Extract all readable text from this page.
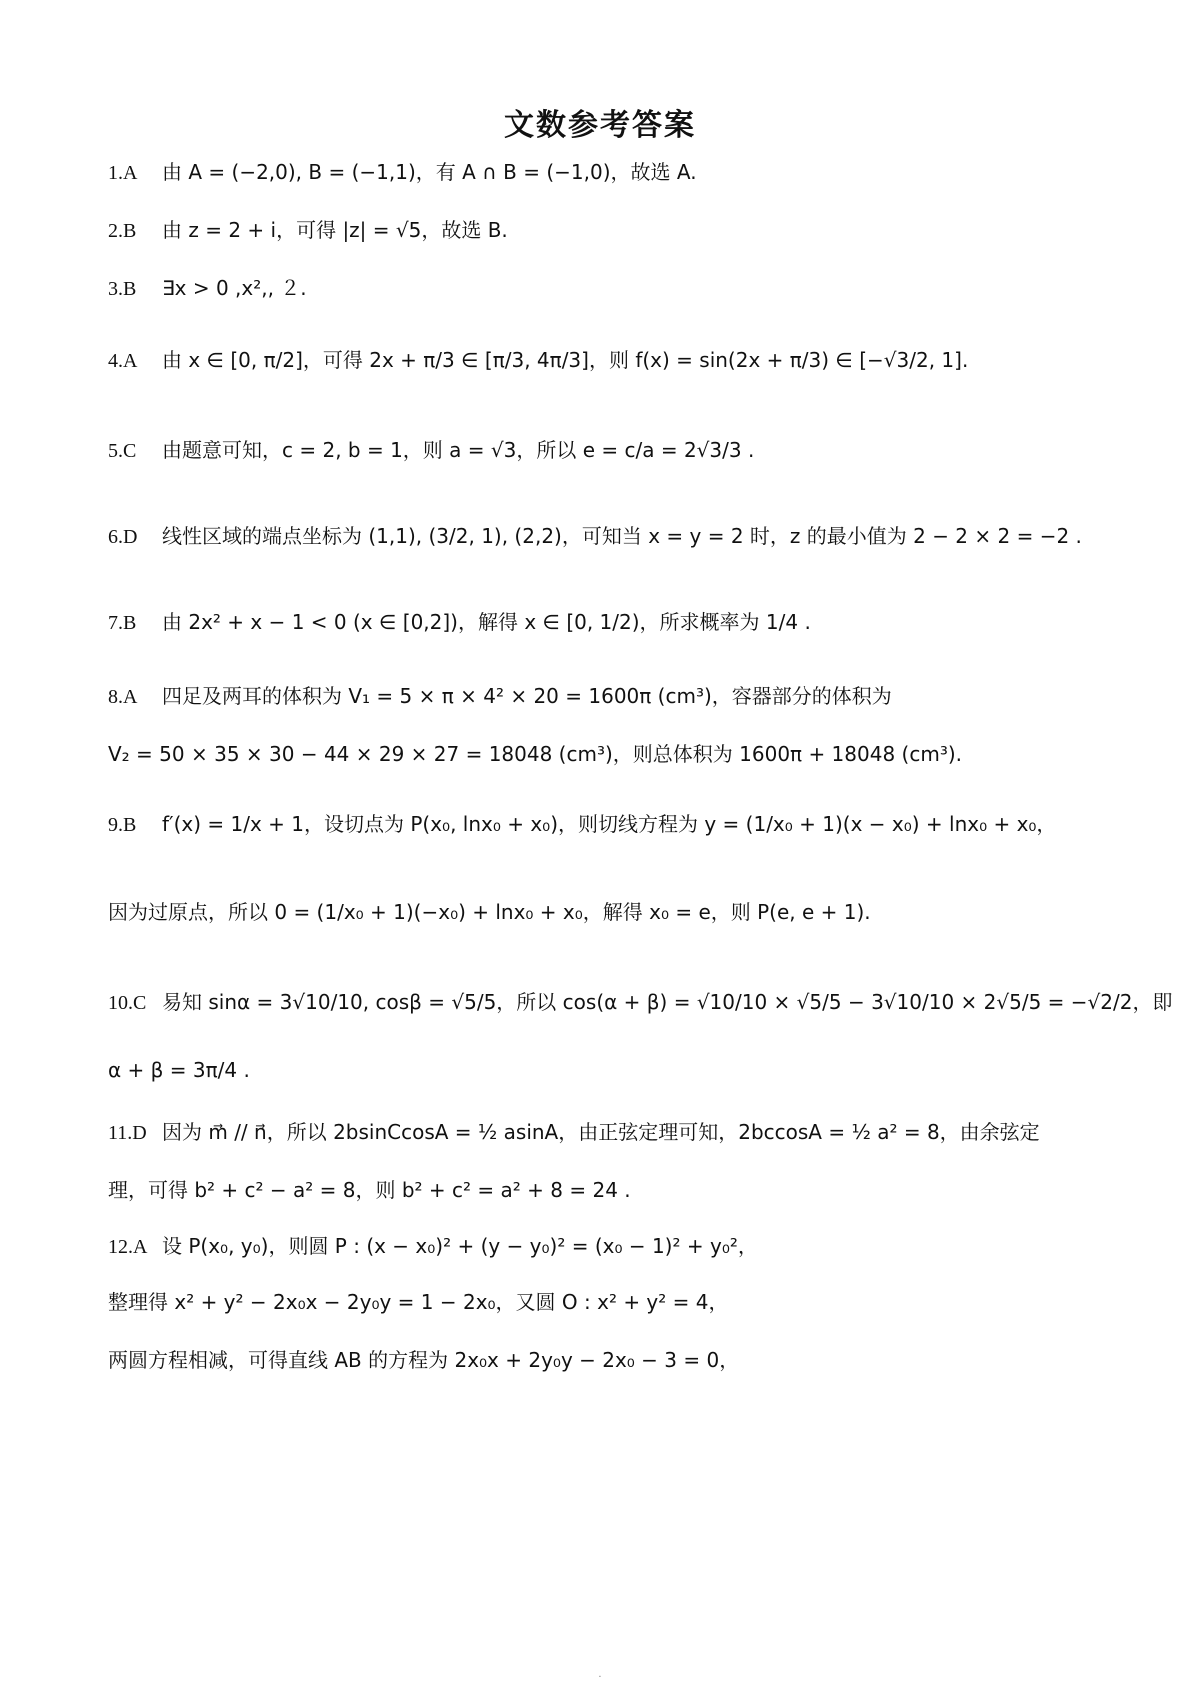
文数参考答案
1.A 由 A = (−2,0), B = (−1,1)，有 A ∩ B = (−1,0)，故选 A.
2.B 由 z = 2 + i，可得 |z| = √5，故选 B.
3.B ∃x > 0 ,x²,, ２.
4.A 由 x ∈ [0, π/2]，可得 2x + π/3 ∈ [π/3, 4π/3]，则 f(x) = sin(2x + π/3) ∈ [−√3/2, 1].
5.C 由题意可知，c = 2, b = 1，则 a = √3，所以 e = c/a = 2√3/3 .
6.D 线性区域的端点坐标为 (1,1), (3/2, 1), (2,2)，可知当 x = y = 2 时，z 的最小值为 2 − 2 × 2 = −2 .
7.B 由 2x² + x − 1 < 0 (x ∈ [0,2])，解得 x ∈ [0, 1/2)，所求概率为 1/4 .
8.A 四足及两耳的体积为 V₁ = 5 × π × 4² × 20 = 1600π (cm³)，容器部分的体积为
V₂ = 50 × 35 × 30 − 44 × 29 × 27 = 18048 (cm³)，则总体积为 1600π + 18048 (cm³).
9.B f′(x) = 1/x + 1，设切点为 P(x₀, lnx₀ + x₀)，则切线方程为 y = (1/x₀ + 1)(x − x₀) + lnx₀ + x₀，
因为过原点，所以 0 = (1/x₀ + 1)(−x₀) + lnx₀ + x₀，解得 x₀ = e，则 P(e, e + 1).
10.C 易知 sinα = 3√10/10, cosβ = √5/5，所以 cos(α + β) = √10/10 × √5/5 − 3√10/10 × 2√5/5 = −√2/2，即
α + β = 3π/4 .
11.D 因为 m⃗ // n⃗，所以 2bsinCcosA = ½ asinA，由正弦定理可知，2bccosA = ½ a² = 8，由余弦定
理，可得 b² + c² − a² = 8，则 b² + c² = a² + 8 = 24 .
12.A 设 P(x₀, y₀)，则圆 P : (x − x₀)² + (y − y₀)² = (x₀ − 1)² + y₀²，
整理得 x² + y² − 2x₀x − 2y₀y = 1 − 2x₀，又圆 O : x² + y² = 4，
两圆方程相减，可得直线 AB 的方程为 2x₀x + 2y₀y − 2x₀ − 3 = 0，
·
